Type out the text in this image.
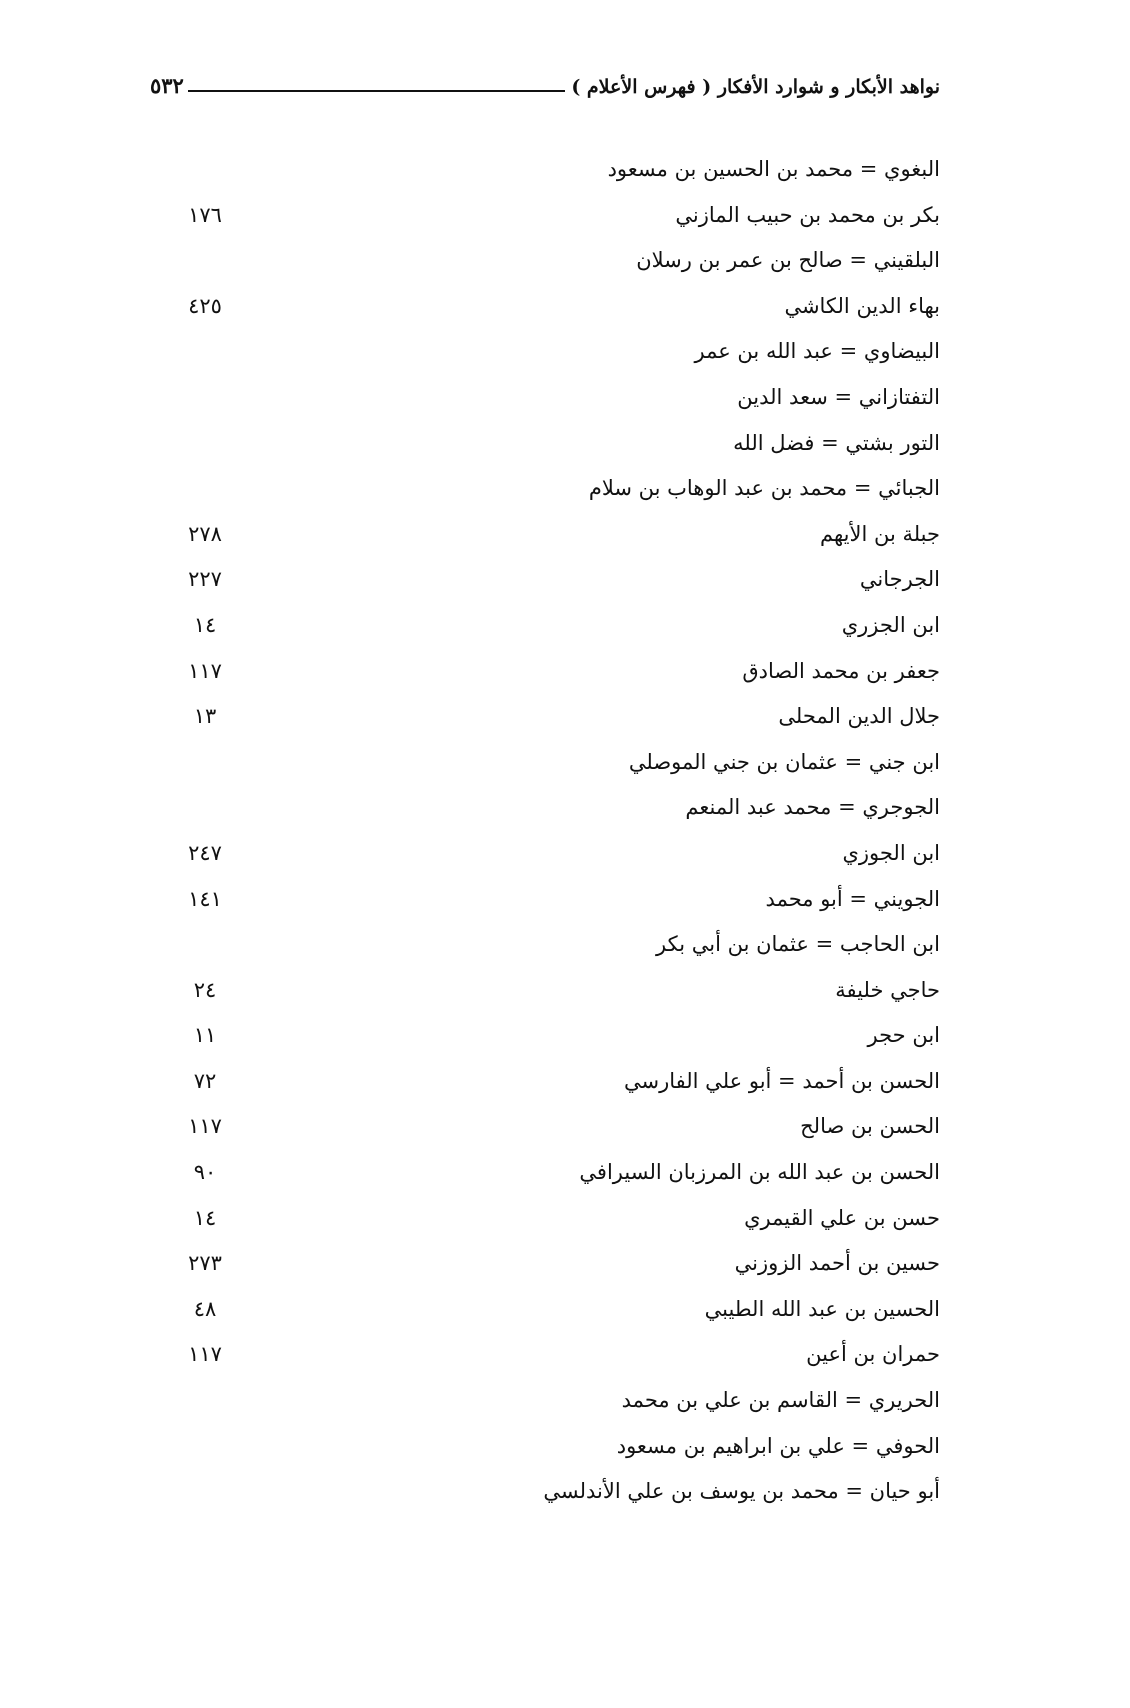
نواهد الأبكار و شوارد الأفكار ( فهرس الأعلام )
٥٣٢
البغوي = محمد بن الحسين بن مسعود
بكر بن محمد بن حبيب المازني
١٧٦
البلقيني = صالح بن عمر بن رسلان
بهاء الدين الكاشي
٤٢٥
البيضاوي = عبد الله بن عمر
التفتازاني = سعد الدين
التور بشتي = فضل الله
الجبائي = محمد بن عبد الوهاب بن سلام
جبلة بن الأيهم
٢٧٨
الجرجاني
٢٢٧
ابن الجزري
١٤
جعفر بن محمد الصادق
١١٧
جلال الدين المحلى
١٣
ابن جني = عثمان بن جني الموصلي
الجوجري = محمد عبد المنعم
ابن الجوزي
٢٤٧
الجويني = أبو محمد
١٤١
ابن الحاجب = عثمان بن أبي بكر
حاجي خليفة
٢٤
ابن حجر
١١
الحسن بن أحمد = أبو علي الفارسي
٧٢
الحسن بن صالح
١١٧
الحسن بن عبد الله بن المرزبان السيرافي
٩٠
حسن بن علي القيمري
١٤
حسين بن أحمد الزوزني
٢٧٣
الحسين بن عبد الله الطيبي
٤٨
حمران بن أعين
١١٧
الحريري = القاسم بن علي بن محمد
الحوفي = علي بن ابراهيم بن مسعود
أبو حيان = محمد بن يوسف بن علي الأندلسي
